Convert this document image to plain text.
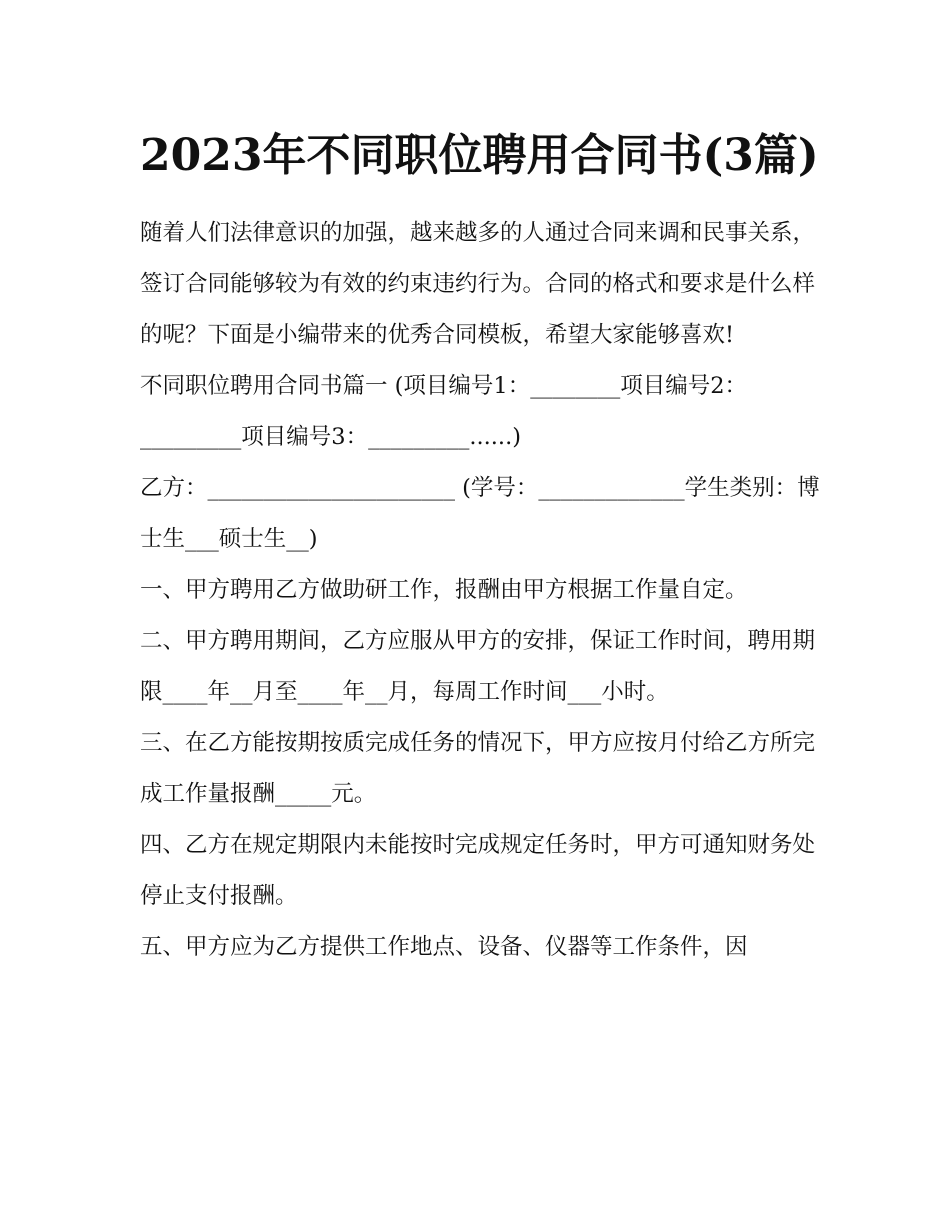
2023年不同职位聘用合同书(3篇)

随着人们法律意识的加强，越来越多的人通过合同来调和民事关系，签订合同能够较为有效的约束违约行为。合同的格式和要求是什么样的呢？下面是小编带来的优秀合同模板，希望大家能够喜欢!

不同职位聘用合同书篇一 (项目编号1：________项目编号2：_________项目编号3：_________......)

乙方：______________________ (学号：_____________学生类别：博士生___硕士生__)

一、甲方聘用乙方做助研工作，报酬由甲方根据工作量自定。

二、甲方聘用期间，乙方应服从甲方的安排，保证工作时间，聘用期限____年__月至____年__月，每周工作时间___小时。

三、在乙方能按期按质完成任务的情况下，甲方应按月付给乙方所完成工作量报酬_____元。

四、乙方在规定期限内未能按时完成规定任务时，甲方可通知财务处停止支付报酬。

五、甲方应为乙方提供工作地点、设备、仪器等工作条件，因
